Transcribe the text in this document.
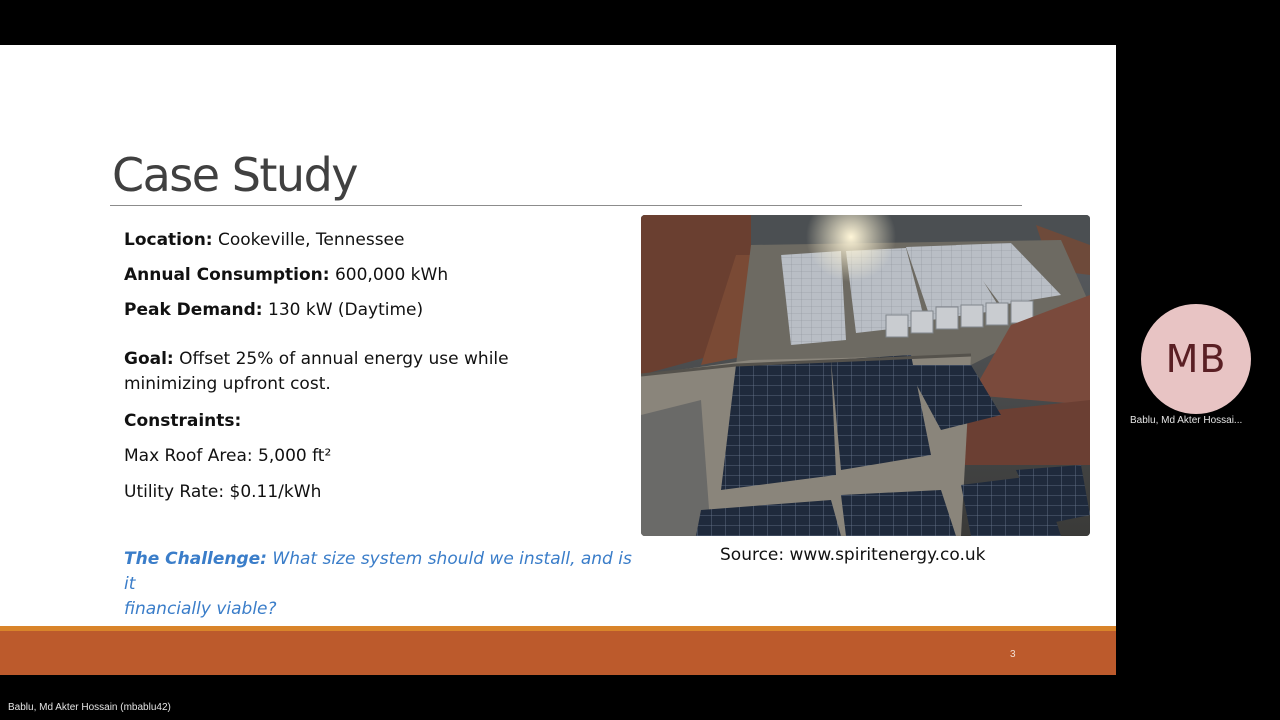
Case Study

Location: Cookeville, Tennessee

Annual Consumption: 600,000 kWh

Peak Demand: 130 kW (Daytime)

Goal: Offset 25% of annual energy use while

minimizing upfront cost.

Constraints:

Max Roof Area: 5,000 ft²

Utility Rate: $0.11/kWh

The Challenge: What size system should we install, and is it
financially viable?
Source: www.spiritenergy.co.uk
3
MB
Bablu, Md Akter Hossai...
Bablu, Md Akter Hossain (mbablu42)
